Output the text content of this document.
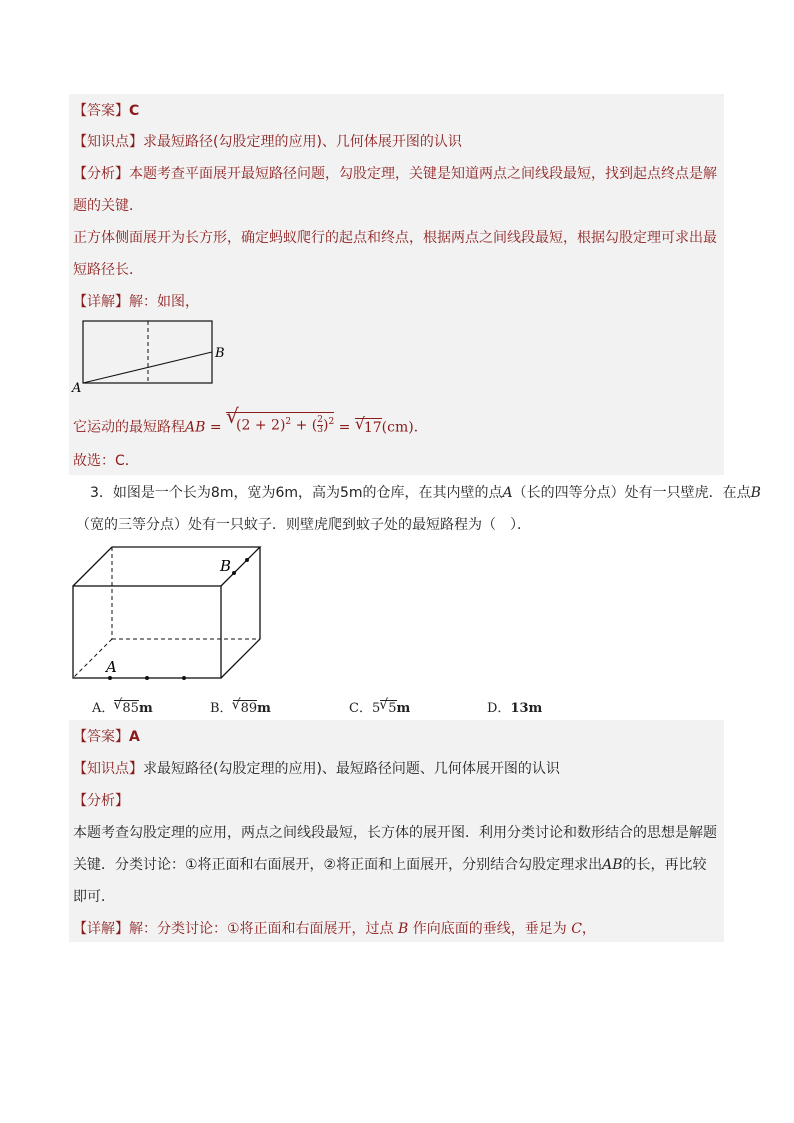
【答案】C
【知识点】求最短路径(勾股定理的应用)、几何体展开图的认识
【分析】本题考查平面展开最短路径问题，勾股定理，关键是知道两点之间线段最短，找到起点终点是解
题的关键．
正方体侧面展开为长方形，确定蚂蚁爬行的起点和终点，根据两点之间线段最短，根据勾股定理可求出最
短路径长．
【详解】解：如图，
A
B
它运动的最短路程AB = √
$(2 + 2)^2$ + ( $\frac{2}{3} )^2$ = √
17(cm)．
故选：C．
3．如图是一个长为8m，宽为6m，高为5m的仓库，在其内壁的点A（长的四等分点）处有一只壁虎．在点B
（宽的三等分点）处有一只蚊子．则壁虎爬到蚊子处的最短路程为（　）．
A
B
A． √ 85m	B． √ 89m	C．5 √ 5m	D．13m
【答案】A
【知识点】求最短路径(勾股定理的应用)、最短路径问题、几何体展开图的认识
【分析】
本题考查勾股定理的应用，两点之间线段最短，长方体的展开图．利用分类讨论和数形结合的思想是解题
关键．分类讨论：①将正面和右面展开，②将正面和上面展开，分别结合勾股定理求出AB的长，再比较
即可．
【详解】解：分类讨论：①将正面和右面展开，过点 B 作向底面的垂线，垂足为 C，
